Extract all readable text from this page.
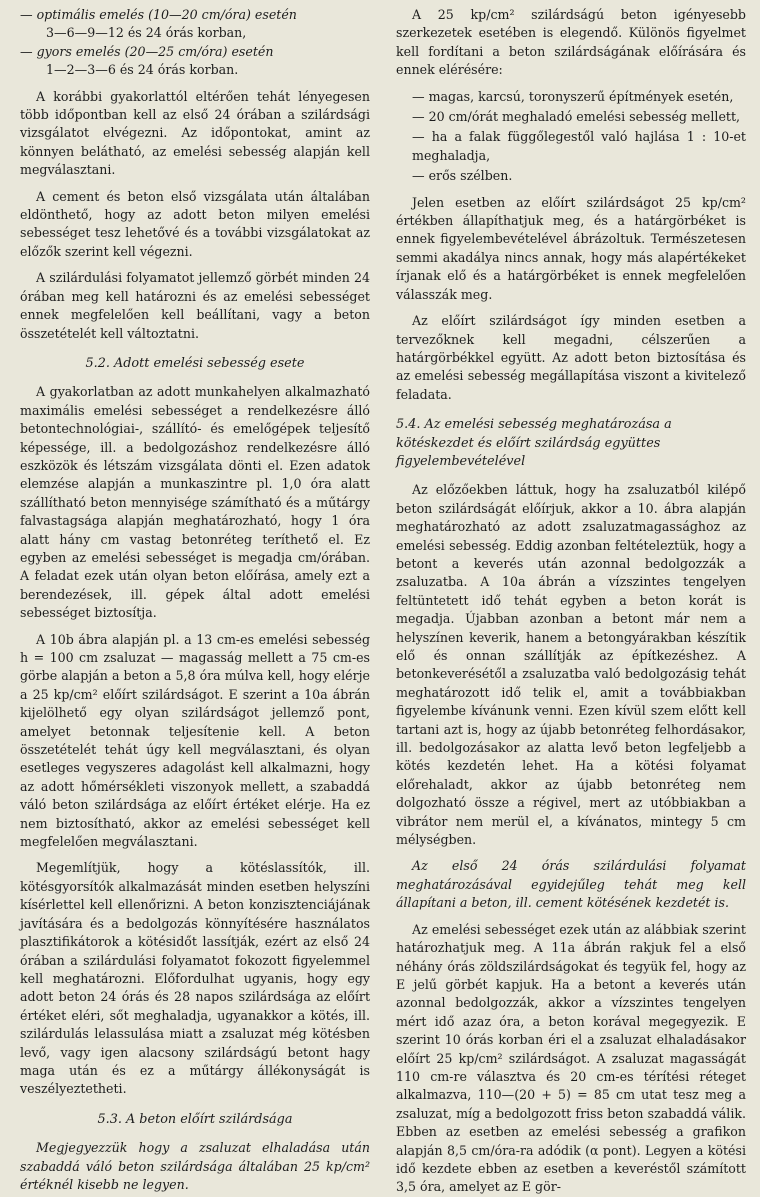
— optimális emelés (10—20 cm/óra) esetén

3—6—9—12 és 24 órás korban,

— gyors emelés (20—25 cm/óra) esetén

1—2—3—6 és 24 órás korban.

A korábbi gyakorlattól eltérően tehát lényegesen több időpontban kell az első 24 órában a szilárdsági vizsgálatot elvégezni. Az időpontokat, amint az könnyen belátható, az emelési sebesség alapján kell megválasztani.

A cement és beton első vizsgálata után általában eldönthető, hogy az adott beton milyen emelési sebességet tesz lehetővé és a további vizsgálatokat az előzők szerint kell végezni.

A szilárdulási folyamatot jellemző görbét minden 24 órában meg kell határozni és az emelési sebességet ennek megfelelően kell beállítani, vagy a beton összetételét kell változtatni.

5.2. Adott emelési sebesség esete

A gyakorlatban az adott munkahelyen alkalmazható maximális emelési sebességet a rendelkezésre álló betontechnológiai-, szállító- és emelőgépek teljesítő képessége, ill. a bedolgozáshoz rendelkezésre álló eszközök és létszám vizsgálata dönti el. Ezen adatok elemzése alapján a munkaszintre pl. 1,0 óra alatt szállítható beton mennyisége számítható és a műtárgy falvastagsága alapján meghatározható, hogy 1 óra alatt hány cm vastag betonréteg teríthető el. Ez egyben az emelési sebességet is megadja cm/órában. A feladat ezek után olyan beton előírása, amely ezt a berendezések, ill. gépek által adott emelési sebességet biztosítja.

A 10b ábra alapján pl. a 13 cm-es emelési sebesség h = 100 cm zsaluzat — magasság mellett a 75 cm-es görbe alapján a beton a 5,8 óra múlva kell, hogy elérje a 25 kp/cm² előírt szilárdságot. E szerint a 10a ábrán kijelölhető egy olyan szilárdságot jellemző pont, amelyet betonnak teljesítenie kell. A beton összetételét tehát úgy kell megválasztani, és olyan esetleges vegyszeres adagolást kell alkalmazni, hogy az adott hőmérsékleti viszonyok mellett, a szabaddá váló beton szilárdsága az előírt értéket elérje. Ha ez nem biztosítható, akkor az emelési sebességet kell megfelelően megválasztani.

Megemlítjük, hogy a kötéslassítók, ill. kötésgyorsítók alkalmazását minden esetben helyszíni kísérlettel kell ellenőrizni. A beton konzisztenciájának javítására és a bedolgozás könnyítésére használatos plasztifikátorok a kötésidőt lassítják, ezért az első 24 órában a szilárdulási folyamatot fokozott figyelemmel kell meghatározni. Előfordulhat ugyanis, hogy egy adott beton 24 órás és 28 napos szilárdsága az előírt értéket eléri, sőt meghaladja, ugyanakkor a kötés, ill. szilárdulás lelassulása miatt a zsaluzat még kötésben levő, vagy igen alacsony szilárdságú betont hagy maga után és ez a műtárgy állékonyságát is veszélyeztetheti.

5.3. A beton előírt szilárdsága

Megjegyezzük hogy a zsaluzat elhaladása után szabaddá váló beton szilárdsága általában 25 kp/cm² értéknél kisebb ne legyen.

A 25 kp/cm² szilárdságú beton igényesebb szerkezetek esetében is elegendő. Különös figyelmet kell fordítani a beton szilárdságának előírására és ennek elérésére:

— magas, karcsú, toronyszerű építmények esetén,

— 20 cm/órát meghaladó emelési sebesség mellett,

— ha a falak függőlegestől való hajlása 1 : 10-et meghaladja,

— erős szélben.

Jelen esetben az előírt szilárdságot 25 kp/cm² értékben állapíthatjuk meg, és a határgörbéket is ennek figyelembevételével ábrázoltuk. Természetesen semmi akadálya nincs annak, hogy más alapértékeket írjanak elő és a határgörbéket is ennek megfelelően válasszák meg.

Az előírt szilárdságot így minden esetben a tervezőknek kell megadni, célszerűen a határgörbékkel együtt. Az adott beton biztosítása és az emelési sebesség megállapítása viszont a kivitelező feladata.

5.4. Az emelési sebesség meghatározása a kötéskezdet és előírt szilárdság együttes figyelembevételével

Az előzőekben láttuk, hogy ha zsaluzatból kilépő beton szilárdságát előírjuk, akkor a 10. ábra alapján meghatározható az adott zsaluzatmagassághoz az emelési sebesség. Eddig azonban feltételeztük, hogy a betont a keverés után azonnal bedolgozzák a zsaluzatba. A 10a ábrán a vízszintes tengelyen feltüntetett idő tehát egyben a beton korát is megadja. Újabban azonban a betont már nem a helyszínen keverik, hanem a betongyárakban készítik elő és onnan szállítják az építkezéshez. A betonkeverésétől a zsaluzatba való bedolgozásig tehát meghatározott idő telik el, amit a továbbiakban figyelembe kívánunk venni. Ezen kívül szem előtt kell tartani azt is, hogy az újabb betonréteg felhordásakor, ill. bedolgozásakor az alatta levő beton legfeljebb a kötés kezdetén lehet. Ha a kötési folyamat előrehaladt, akkor az újabb betonréteg nem dolgozható össze a régivel, mert az utóbbiakban a vibrátor nem merül el, a kívánatos, mintegy 5 cm mélységben.

Az első 24 órás szilárdulási folyamat meghatározásával egyidejűleg tehát meg kell állapítani a beton, ill. cement kötésének kezdetét is.

Az emelési sebességet ezek után az alábbiak szerint határozhatjuk meg. A 11a ábrán rakjuk fel a első néhány órás zöldszilárdságokat és tegyük fel, hogy az E jelű görbét kapjuk. Ha a betont a keverés után azonnal bedolgozzák, akkor a vízszintes tengelyen mért idő azaz óra, a beton korával megegyezik. E szerint 10 órás korban éri el a zsaluzat elhaladásakor előírt 25 kp/cm² szilárdságot. A zsaluzat magasságát 110 cm-re választva és 20 cm-es térítési réteget alkalmazva, 110—(20 + 5) = 85 cm utat tesz meg a zsaluzat, míg a bedolgozott friss beton szabaddá válik. Ebben az esetben az emelési sebesség a grafikon alapján 8,5 cm/óra-ra adódik (α pont). Legyen a kötési idő kezdete ebben az esetben a keveréstől számított 3,5 óra, amelyet az E gör-
